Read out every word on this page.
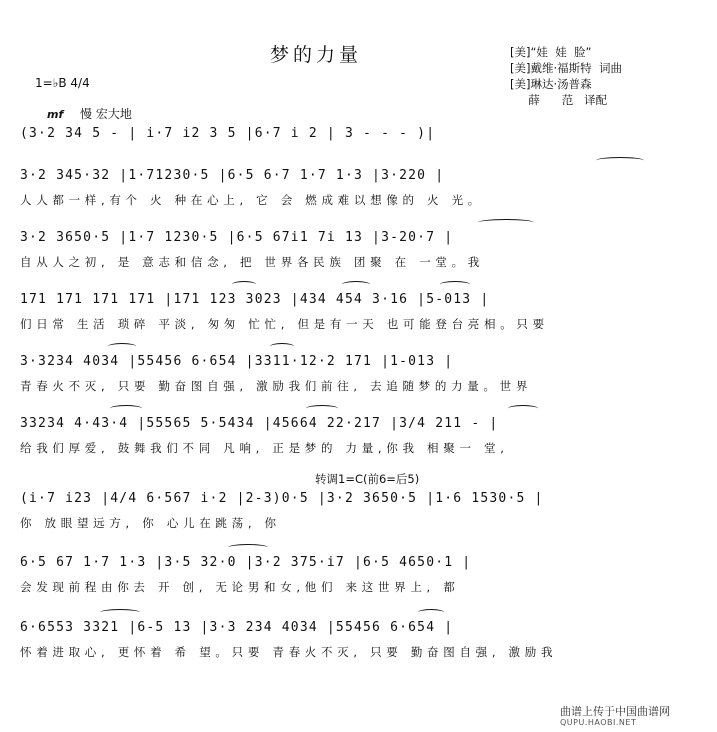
梦的力量	[美]“娃  娃  脸”
[美]戴维·福斯特  词曲
[美]琳达·汤普森
薛      范   译配
1=♭B 4/4
mf 慢 宏大地
转调1=C(前6=后5)
(3·2 34 5 - | i·7 i2 3 5 |6·7 i 2 | 3 - - - )|
3·2 345·32 |1·71230·5 |6·5 6·7 1·7 1·3 |3·220 |
人人都一样,有个 火 种在心上, 它 会 燃成难以想像的 火 光。
3·2 3650·5 |1·7 1230·5 |6·5 67i1 7i 13 |3-20·7 |
自从人之初, 是 意志和信念, 把 世界各民族 团聚 在 一堂。我
171 171 171 171 |171 123 3023 |434 454 3·16 |5-013 |
们日常 生活 琐碎 平淡, 匆匆 忙忙, 但是有一天 也可能登台亮相。只要
3·3234 4034 |55456 6·654 |3311·12·2 171 |1-013 |
青春火不灭, 只要 勤奋图自强, 激励我们前往, 去追随梦的力量。世界
33234 4·43·4 |55565 5·5434 |45664 22·217 |3/4 211 - |
给我们厚爱, 鼓舞我们不同 凡响, 正是梦的 力量,你我 相聚一 堂,
(i·7 i23 |4/4 6·567 i·2 |2-3)0·5 |3·2 3650·5 |1·6 1530·5 |
你 放眼望远方, 你 心儿在跳荡, 你
6·5 67 1·7 1·3 |3·5 32·0 |3·2 375·i7 |6·5 4650·1 |
会发现前程由你去 开 创, 无论男和女,他们 来这世界上, 都
6·6553 3321 |6-5 13 |3·3 234 4034 |55456 6·654 |
怀着进取心, 更怀着 希 望。只要 青春火不灭, 只要 勤奋图自强, 激励我
曲谱上传于中国曲谱网
QUPU.HAOBI.NET
